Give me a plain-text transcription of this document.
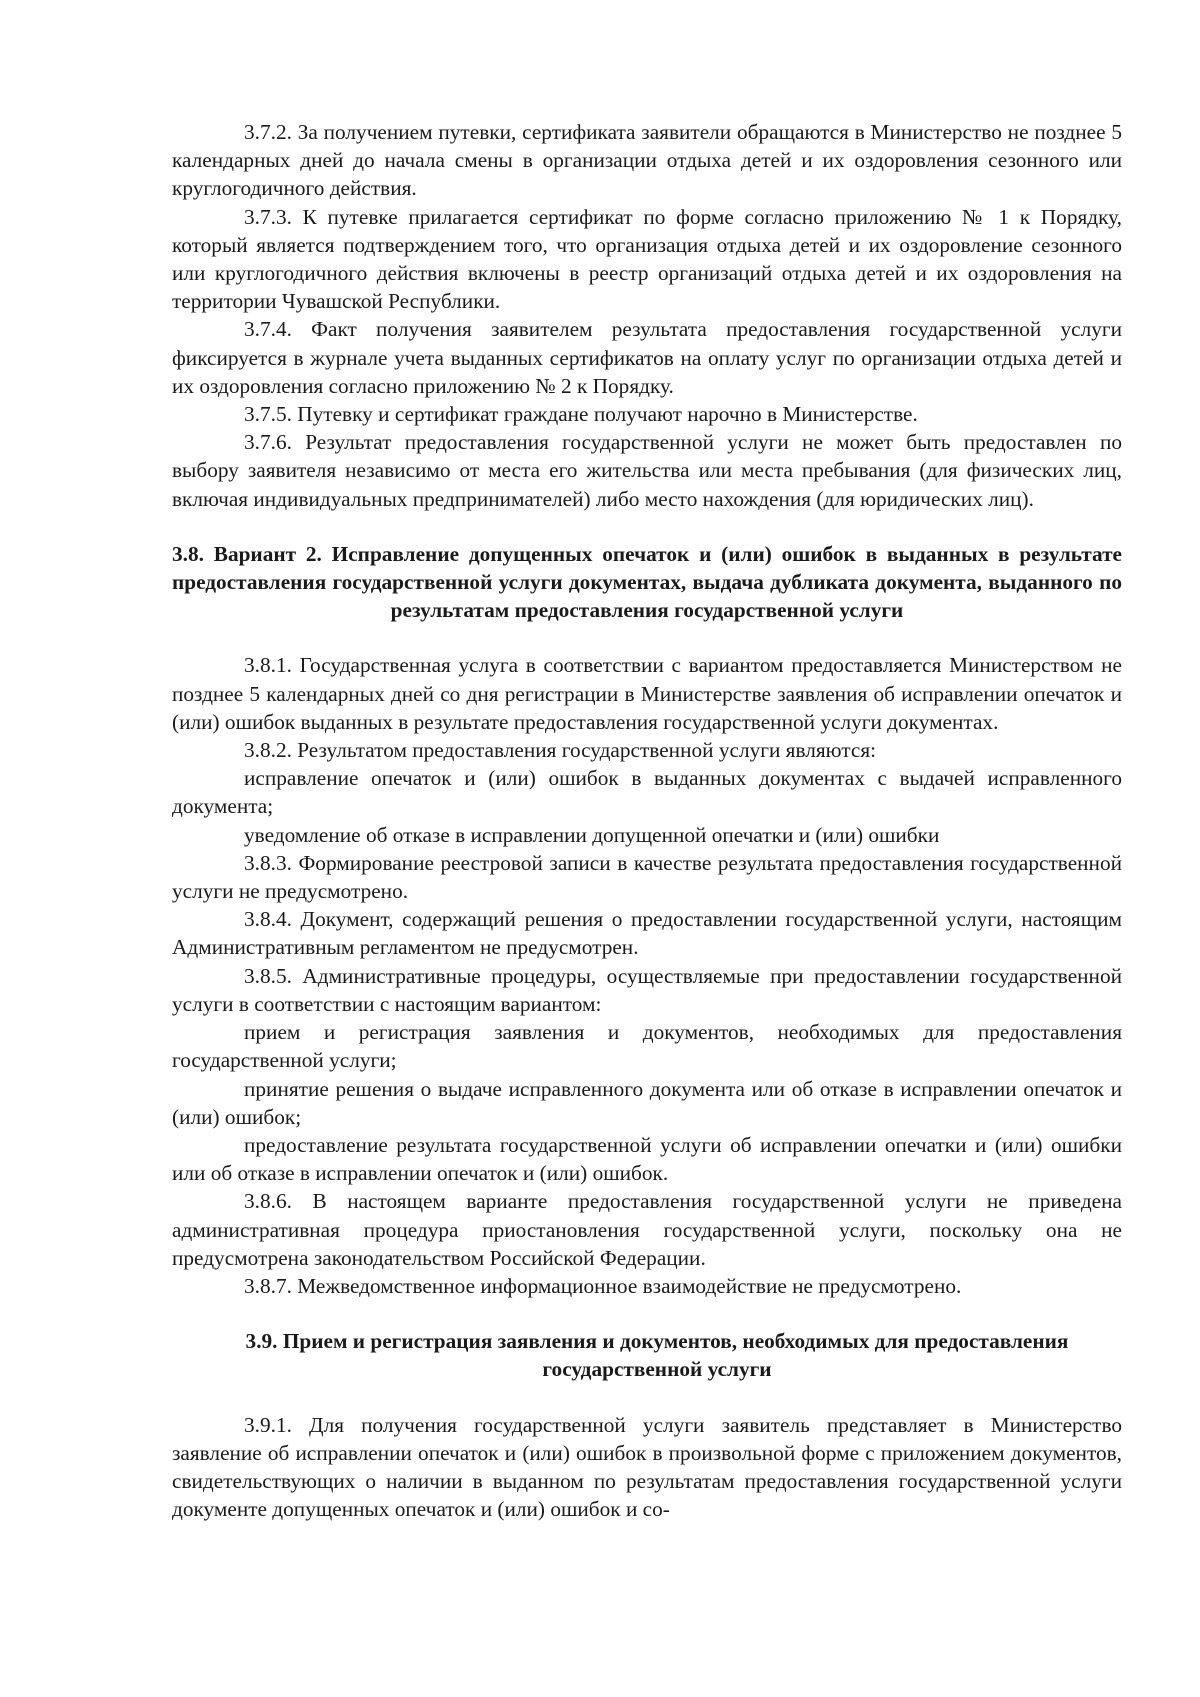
3.7.2. За получением путевки, сертификата заявители обращаются в Министерство не позднее 5 календарных дней до начала смены в организации отдыха детей и их оздоровления сезонного или круглогодичного действия.

3.7.3. К путевке прилагается сертификат по форме согласно приложению № 1 к Порядку, который является подтверждением того, что организация отдыха детей и их оздоровление сезонного или круглогодичного действия включены в реестр организаций отдыха детей и их оздоровления на территории Чувашской Республики.

3.7.4. Факт получения заявителем результата предоставления государственной услуги фиксируется в журнале учета выданных сертификатов на оплату услуг по организации отдыха детей и их оздоровления согласно приложению № 2 к Порядку.

3.7.5. Путевку и сертификат граждане получают нарочно в Министерстве.

3.7.6. Результат предоставления государственной услуги не может быть предоставлен по выбору заявителя независимо от места его жительства или места пребывания (для физических лиц, включая индивидуальных предпринимателей) либо место нахождения (для юридических лиц).

3.8. Вариант 2. Исправление допущенных опечаток и (или) ошибок в выданных в результате предоставления государственной услуги документах, выдача дубликата документа, выданного по результатам предоставления государственной услуги

3.8.1. Государственная услуга в соответствии с вариантом предоставляется Министерством не позднее 5 календарных дней со дня регистрации в Министерстве заявления об исправлении опечаток и (или) ошибок выданных в результате предоставления государственной услуги документах.

3.8.2. Результатом предоставления государственной услуги являются:

исправление опечаток и (или) ошибок в выданных документах с выдачей исправленного документа;

уведомление об отказе в исправлении допущенной опечатки и (или) ошибки

3.8.3. Формирование реестровой записи в качестве результата предоставления государственной услуги не предусмотрено.

3.8.4. Документ, содержащий решения о предоставлении государственной услуги, настоящим Административным регламентом не предусмотрен.

3.8.5. Административные процедуры, осуществляемые при предоставлении государственной услуги в соответствии с настоящим вариантом:

прием и регистрация заявления и документов, необходимых для предоставления государственной услуги;

принятие решения о выдаче исправленного документа или об отказе в исправлении опечаток и (или) ошибок;

предоставление результата государственной услуги об исправлении опечатки и (или) ошибки или об отказе в исправлении опечаток и (или) ошибок.

3.8.6. В настоящем варианте предоставления государственной услуги не приведена административная процедура приостановления государственной услуги, поскольку она не предусмотрена законодательством Российской Федерации.

3.8.7. Межведомственное информационное взаимодействие не предусмотрено.

3.9. Прием и регистрация заявления и документов, необходимых для предоставления государственной услуги

3.9.1. Для получения государственной услуги заявитель представляет в Министерство заявление об исправлении опечаток и (или) ошибок в произвольной форме с приложением документов, свидетельствующих о наличии в выданном по результатам предоставления государственной услуги документе допущенных опечаток и (или) ошибок и со-
